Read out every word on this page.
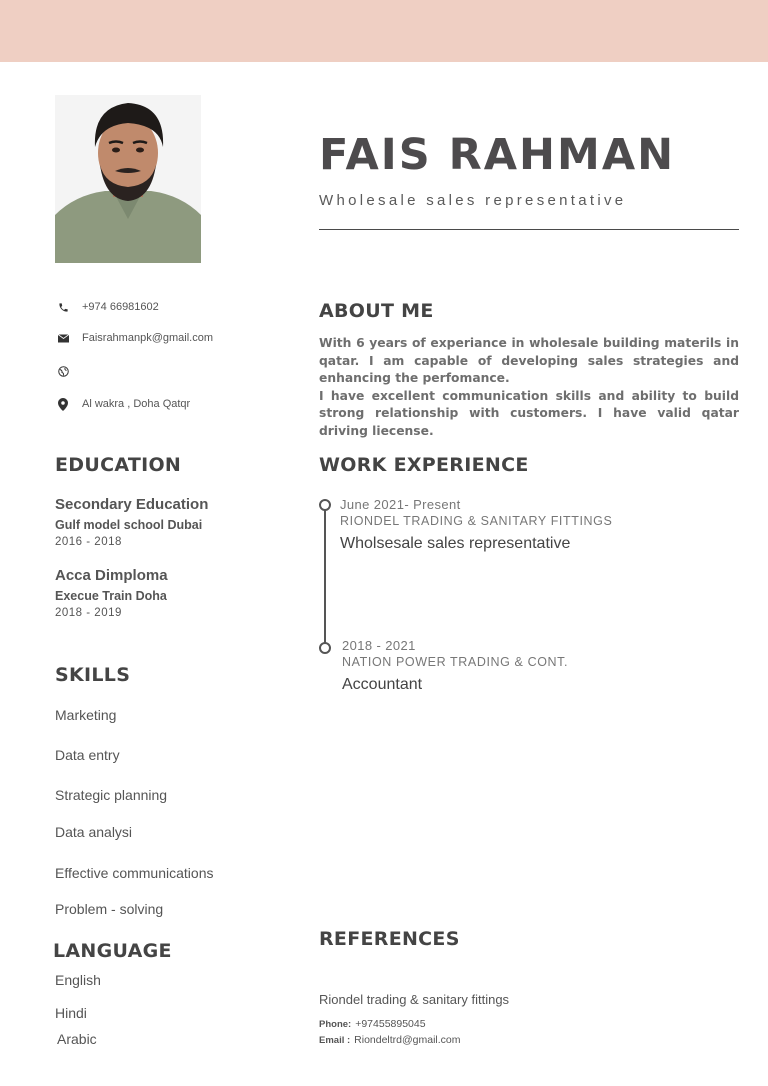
FAIS RAHMAN
Wholesale sales representative
+974 66981602
Faisrahmanpk@gmail.com
Al wakra , Doha Qatqr
ABOUT ME

With 6 years of experiance in wholesale building materils in qatar. I am capable of developing sales strategies and enhancing the perfomance.

I have excellent communication skills and ability to build strong relationship with customers. I have valid qatar driving liecense.

EDUCATION
Secondary Education
Gulf model school Dubai
2016 - 2018
Acca Dimploma
Execue Train Doha
2018 - 2019
SKILLS
Marketing
Data entry
Strategic planning
Data analysi
Effective communications
Problem - solving
LANGUAGE
English
Hindi
Arabic
WORK EXPERIENCE
June 2021- Present
RIONDEL TRADING & SANITARY FITTINGS
Wholsesale sales representative
2018 - 2021
NATION POWER TRADING & CONT.
Accountant
REFERENCES
Riondel trading & sanitary fittings
Phone: +97455895045
Email : Riondeltrd@gmail.com
